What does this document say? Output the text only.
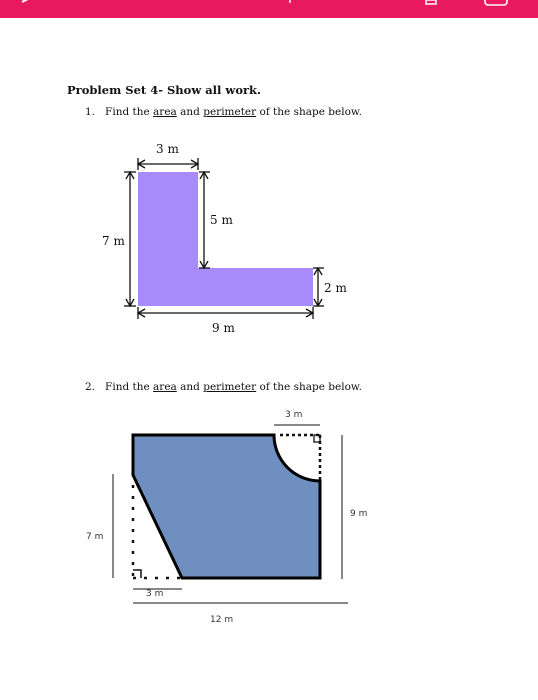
Problem Set 4- Show all work.
1. Find the area and perimeter of the shape below.
3 m
5 m
7 m
2 m
9 m
2. Find the area and perimeter of the shape below.
3 m
9 m
7 m
3 m
12 m
